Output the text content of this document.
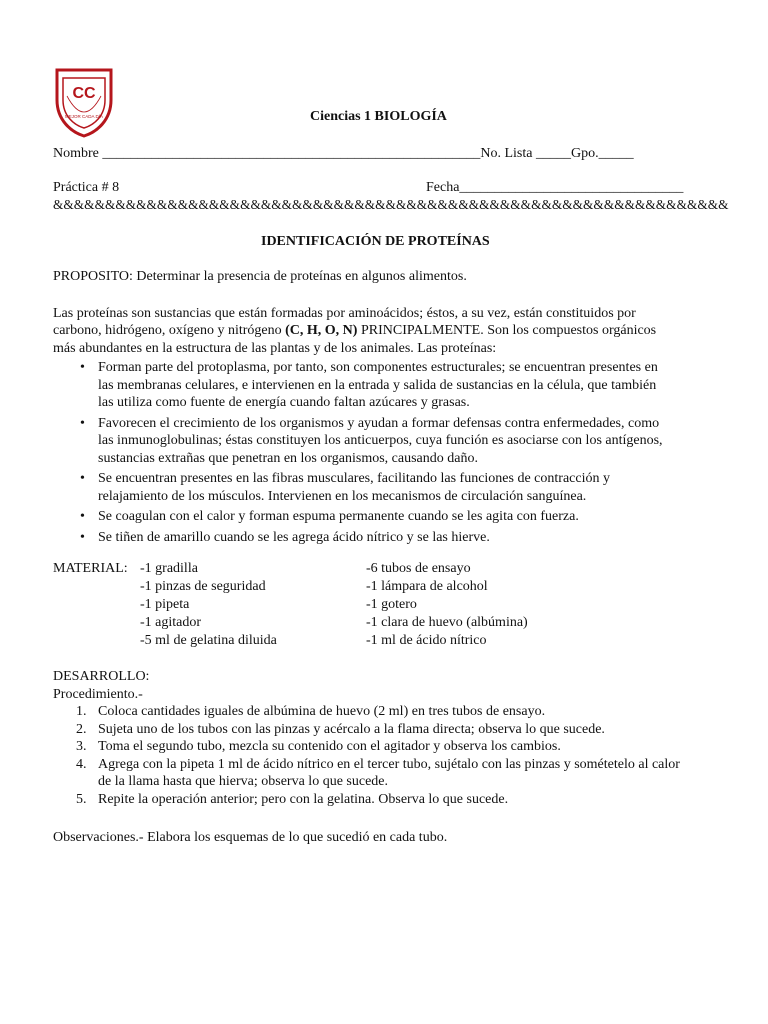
CC
MEJOR CADA DÍA	Ciencias 1 BIOLOGÍA
Nombre ______________________________________________________No. Lista _____Gpo._____
Práctica # 8	Fecha________________________________
&&&&&&&&&&&&&&&&&&&&&&&&&&&&&&&&&&&&&&&&&&&&&&&&&&&&&&&&&&&&&&&&&
IDENTIFICACIÓN DE PROTEÍNAS
PROPOSITO: Determinar la presencia de proteínas en algunos alimentos.
Las proteínas son sustancias que están formadas por aminoácidos; éstos, a su vez, están constituidos por
carbono, hidrógeno, oxígeno y nitrógeno (C, H, O, N) PRINCIPALMENTE. Son los compuestos orgánicos
más abundantes en la estructura de las plantas y de los animales. Las proteínas:
• Forman parte del protoplasma, por tanto, son componentes estructurales; se encuentran presentes en
las membranas celulares, e intervienen en la entrada y salida de sustancias en la célula, que también
las utiliza como fuente de energía cuando faltan azúcares y grasas.
• Favorecen el crecimiento de los organismos y ayudan a formar defensas contra enfermedades, como
las inmunoglobulinas; éstas constituyen los anticuerpos, cuya función es asociarse con los antígenos,
sustancias extrañas que penetran en los organismos, causando daño.
• Se encuentran presentes en las fibras musculares, facilitando las funciones de contracción y
relajamiento de los músculos. Intervienen en los mecanismos de circulación sanguínea.
• Se coagulan con el calor y forman espuma permanente cuando se les agita con fuerza.
• Se tiñen de amarillo cuando se les agrega ácido nítrico y se las hierve.
MATERIAL: -1 gradilla
-1 pinzas de seguridad
-1 pipeta
-1 agitador
-5 ml de gelatina diluida
-6 tubos de ensayo
-1 lámpara de alcohol
-1 gotero
-1 clara de huevo (albúmina)
-1 ml de ácido nítrico
DESARROLLO:
Procedimiento.-
1. Coloca cantidades iguales de albúmina de huevo (2 ml) en tres tubos de ensayo.
2. Sujeta uno de los tubos con las pinzas y acércalo a la flama directa; observa lo que sucede.
3. Toma el segundo tubo, mezcla su contenido con el agitador y observa los cambios.
4. Agrega con la pipeta 1 ml de ácido nítrico en el tercer tubo, sujétalo con las pinzas y sométetelo al calor
de la llama hasta que hierva; observa lo que sucede.
5. Repite la operación anterior; pero con la gelatina. Observa lo que sucede.
Observaciones.- Elabora los esquemas de lo que sucedió en cada tubo.
